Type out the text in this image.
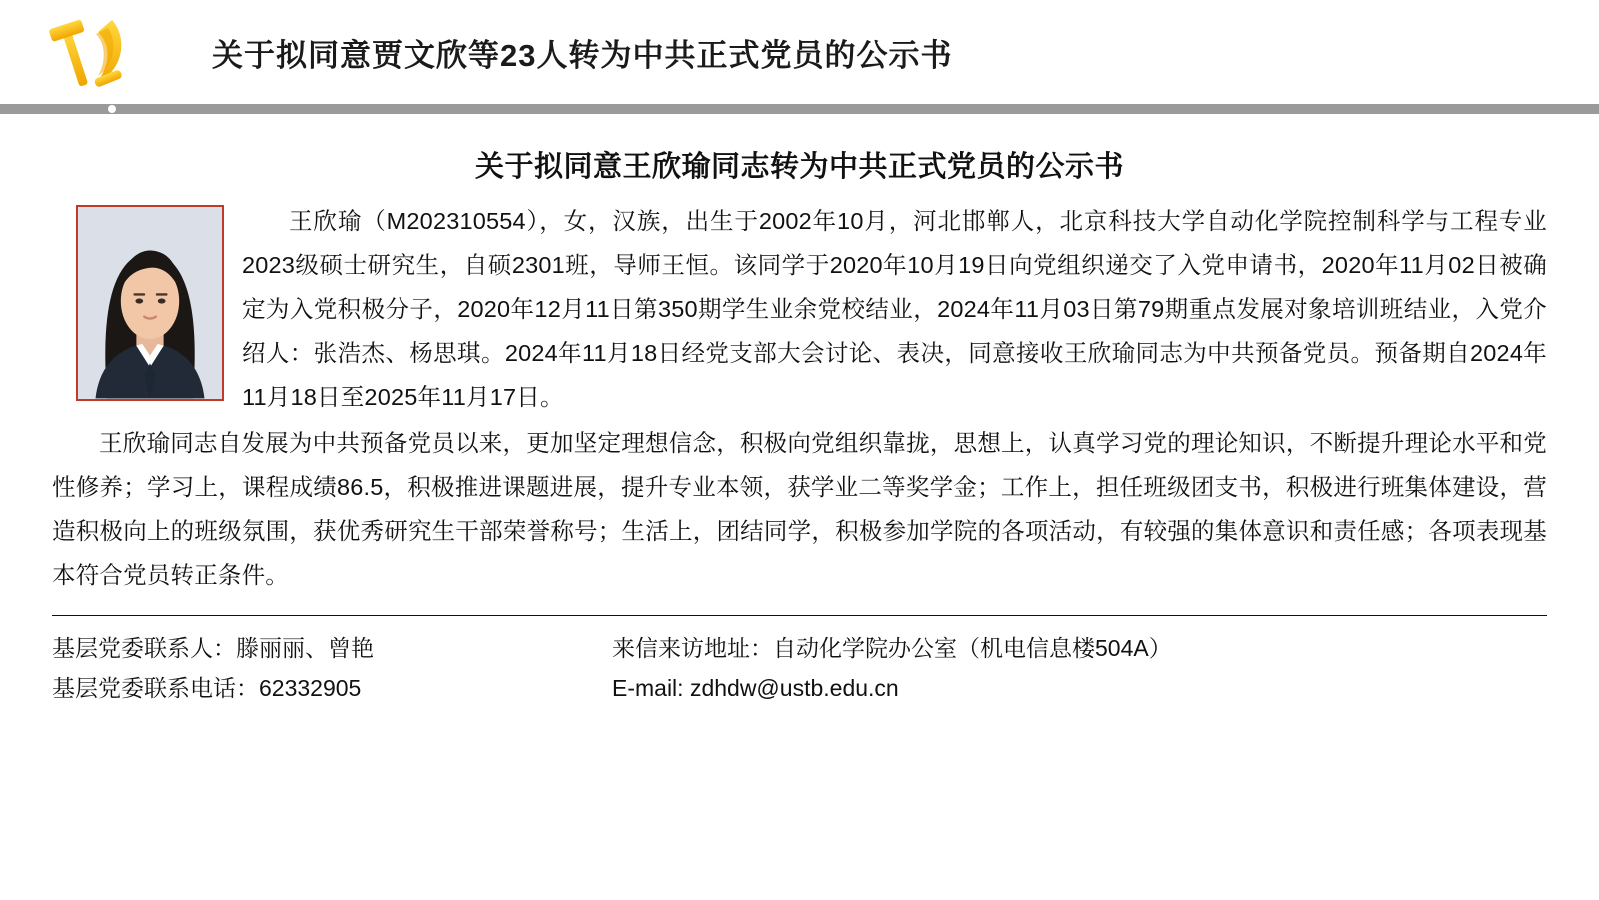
关于拟同意贾文欣等23人转为中共正式党员的公示书
关于拟同意王欣瑜同志转为中共正式党员的公示书

王欣瑜（M202310554），女，汉族，出生于2002年10月，河北邯郸人，北京科技大学自动化学院控制科学与工程专业2023级硕士研究生，自硕2301班，导师王恒。该同学于2020年10月19日向党组织递交了入党申请书，2020年11月02日被确定为入党积极分子，2020年12月11日第350期学生业余党校结业，2024年11月03日第79期重点发展对象培训班结业，入党介绍人：张浩杰、杨思琪。2024年11月18日经党支部大会讨论、表决，同意接收王欣瑜同志为中共预备党员。预备期自2024年11月18日至2025年11月17日。

王欣瑜同志自发展为中共预备党员以来，更加坚定理想信念，积极向党组织靠拢，思想上，认真学习党的理论知识，不断提升理论水平和党性修养；学习上，课程成绩86.5，积极推进课题进展，提升专业本领，获学业二等奖学金；工作上，担任班级团支书，积极进行班集体建设，营造积极向上的班级氛围，获优秀研究生干部荣誉称号；生活上，团结同学，积极参加学院的各项活动，有较强的集体意识和责任感；各项表现基本符合党员转正条件。

基层党委联系人：滕丽丽、曾艳
基层党委联系电话：62332905
来信来访地址：自动化学院办公室（机电信息楼504A）
E-mail: zdhdw@ustb.edu.cn
